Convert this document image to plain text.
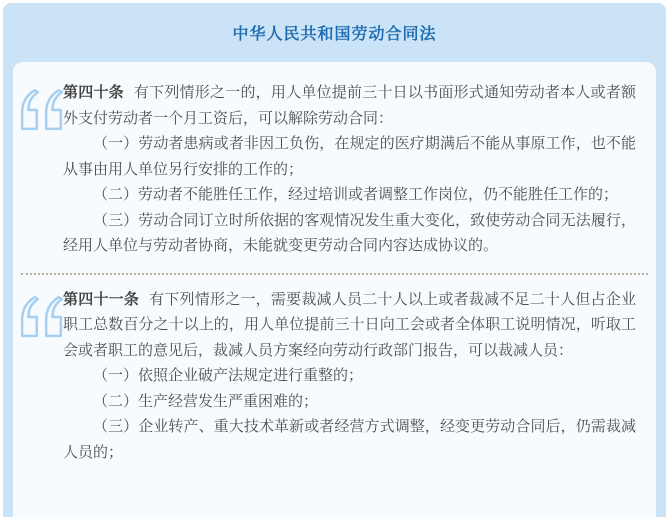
中华人民共和国劳动合同法

第四十条 有下列情形之一的，用人单位提前三十日以书面形式通知劳动者本人或者额外支付劳动者一个月工资后，可以解除劳动合同：

（一）劳动者患病或者非因工负伤，在规定的医疗期满后不能从事原工作，也不能从事由用人单位另行安排的工作的；

（二）劳动者不能胜任工作，经过培训或者调整工作岗位，仍不能胜任工作的；

（三）劳动合同订立时所依据的客观情况发生重大变化，致使劳动合同无法履行，经用人单位与劳动者协商，未能就变更劳动合同内容达成协议的。

第四十一条 有下列情形之一，需要裁减人员二十人以上或者裁减不足二十人但占企业职工总数百分之十以上的，用人单位提前三十日向工会或者全体职工说明情况，听取工会或者职工的意见后，裁减人员方案经向劳动行政部门报告，可以裁减人员：

（一）依照企业破产法规定进行重整的；

（二）生产经营发生严重困难的；

（三）企业转产、重大技术革新或者经营方式调整，经变更劳动合同后，仍需裁减人员的；
